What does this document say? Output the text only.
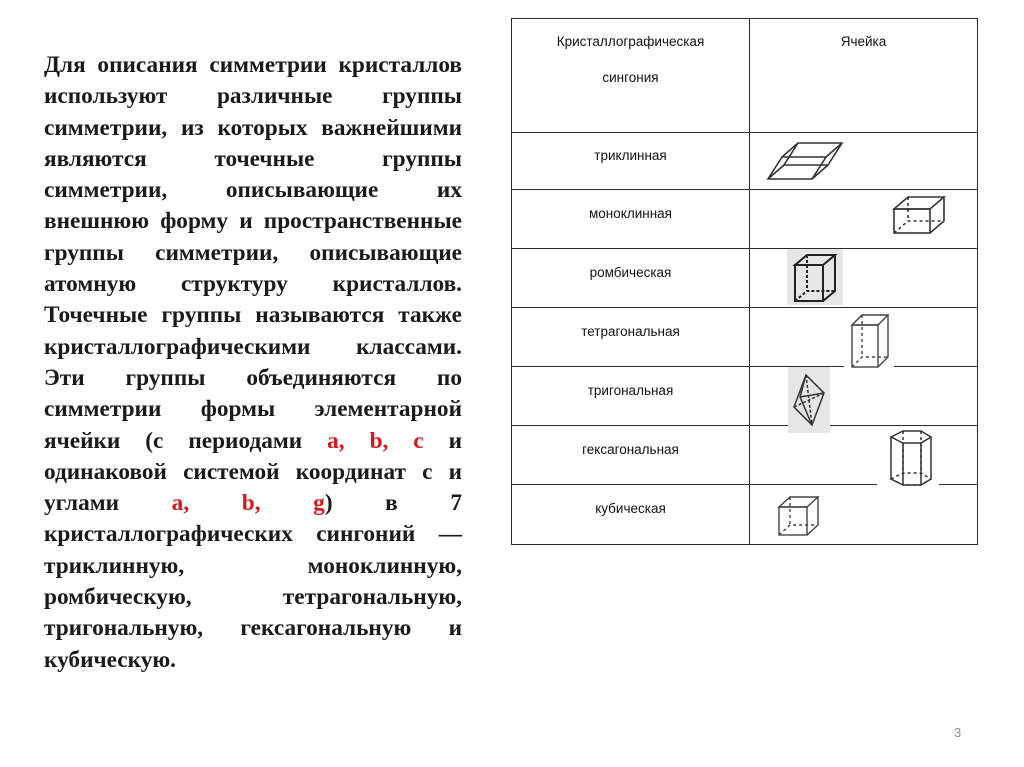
Для описания симметрии кристаллов используют различные группы симметрии, из которых важнейшими являются точечные группы симметрии, описывающие их внешнюю форму и пространственные группы симметрии, описывающие атомную структуру кристаллов. Точечные группы называются также кристаллографическими классами. Эти группы объединяются по симметрии формы элементарной ячейки (с периодами a, b, c и одинаковой системой координат с и углами a, b, g) в 7 кристаллографических сингоний — триклинную, моноклинную, ромбическую, тетрагональную, тригональную, гексагональную и кубическую.
Кристаллографическая
сингония
Ячейка
триклинная
моноклинная
ромбическая
тетрагональная
тригональная
гексагональная
кубическая
3
